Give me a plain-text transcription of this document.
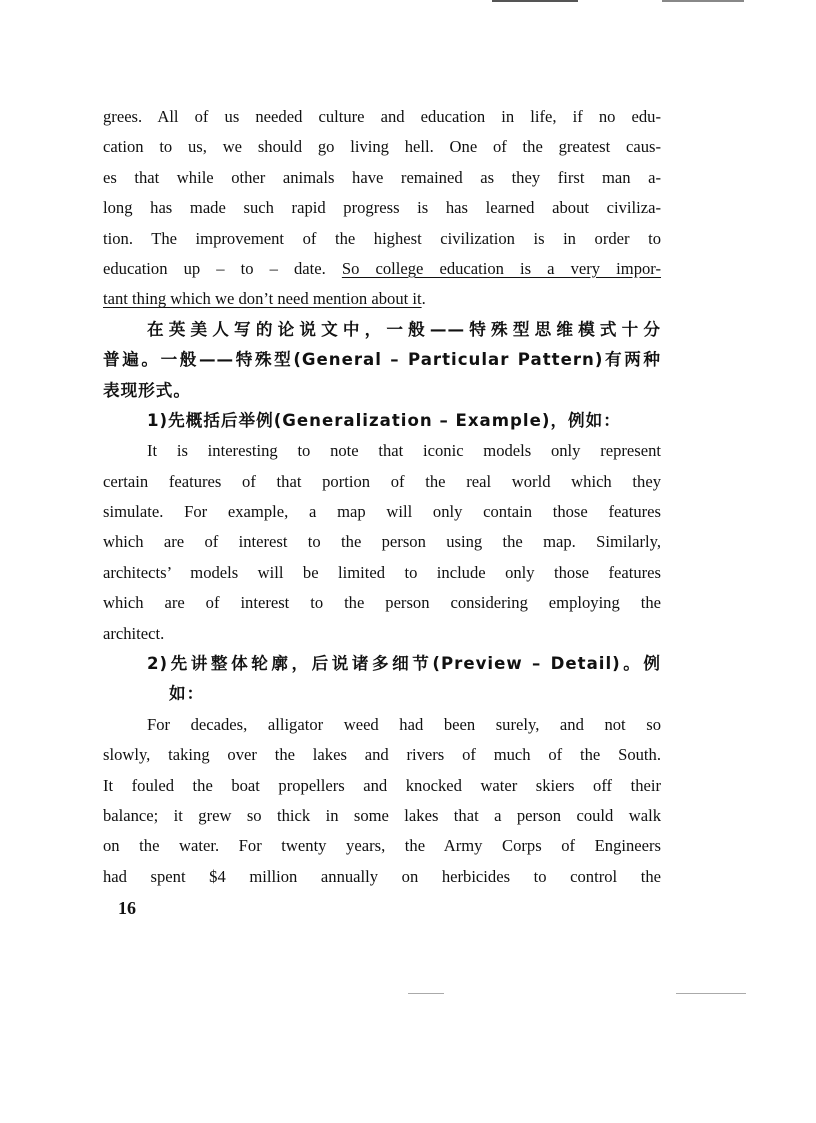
grees. All of us needed culture and education in life, if no edu-
cation to us, we should go living hell. One of the greatest caus-
es that while other animals have remained as they first man a-
long has made such rapid progress is has learned about civiliza-
tion. The improvement of the highest civilization is in order to
education up – to – date. So college education is a very impor-
tant thing which we don’t need mention about it.
在英美人写的论说文中，一般——特殊型思维模式十分
普遍。一般——特殊型(General – Particular Pattern)有两种
表现形式。
1)先概括后举例(Generalization – Example)，例如：
It is interesting to note that iconic models only represent
certain features of that portion of the real world which they
simulate. For example, a map will only contain those features
which are of interest to the person using the map. Similarly,
architects’ models will be limited to include only those features
which are of interest to the person considering employing the
architect.
2)先讲整体轮廓，后说诸多细节(Preview – Detail)。例
如：
For decades, alligator weed had been surely, and not so
slowly, taking over the lakes and rivers of much of the South.
It fouled the boat propellers and knocked water skiers off their
balance; it grew so thick in some lakes that a person could walk
on the water. For twenty years, the Army Corps of Engineers
had spent $4 million annually on herbicides to control the
16
